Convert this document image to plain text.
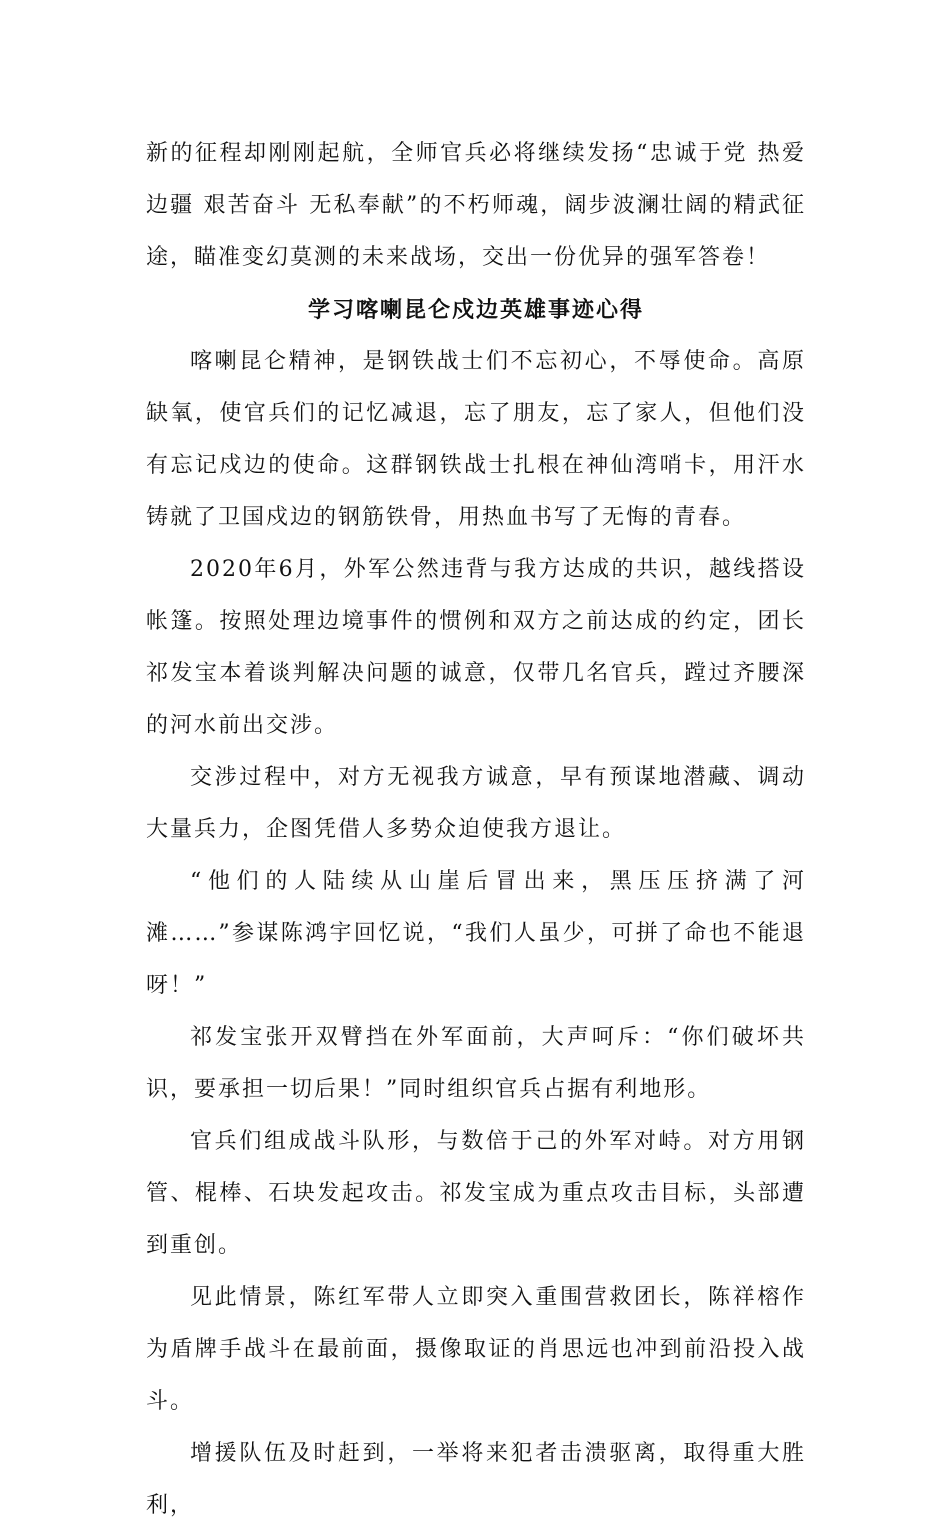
新的征程却刚刚起航，全师官兵必将继续发扬“忠诚于党 热爱边疆 艰苦奋斗 无私奉献”的不朽师魂，阔步波澜壮阔的精武征途，瞄准变幻莫测的未来战场，交出一份优异的强军答卷！

学习喀喇昆仑戍边英雄事迹心得

喀喇昆仑精神，是钢铁战士们不忘初心，不辱使命。高原缺氧，使官兵们的记忆减退，忘了朋友，忘了家人，但他们没有忘记戍边的使命。这群钢铁战士扎根在神仙湾哨卡，用汗水铸就了卫国戍边的钢筋铁骨，用热血书写了无悔的青春。

2020年6月，外军公然违背与我方达成的共识，越线搭设帐篷。按照处理边境事件的惯例和双方之前达成的约定，团长祁发宝本着谈判解决问题的诚意，仅带几名官兵，蹚过齐腰深的河水前出交涉。

交涉过程中，对方无视我方诚意，早有预谋地潜藏、调动大量兵力，企图凭借人多势众迫使我方退让。

“他们的人陆续从山崖后冒出来，黑压压挤满了河滩……”参谋陈鸿宇回忆说，“我们人虽少，可拼了命也不能退呀！”

祁发宝张开双臂挡在外军面前，大声呵斥：“你们破坏共识，要承担一切后果！”同时组织官兵占据有利地形。

官兵们组成战斗队形，与数倍于己的外军对峙。对方用钢管、棍棒、石块发起攻击。祁发宝成为重点攻击目标，头部遭到重创。

见此情景，陈红军带人立即突入重围营救团长，陈祥榕作为盾牌手战斗在最前面，摄像取证的肖思远也冲到前沿投入战斗。

增援队伍及时赶到，一举将来犯者击溃驱离，取得重大胜利，
